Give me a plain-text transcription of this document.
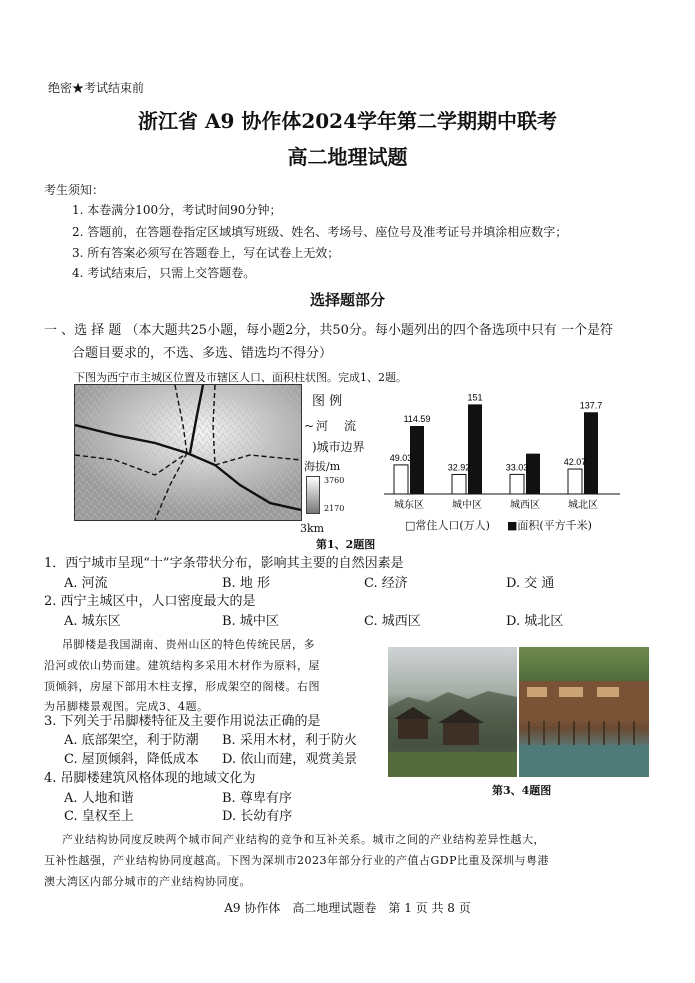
绝密★考试结束前
浙江省 A9 协作体2024学年第二学期期中联考
高二地理试题
考生须知：
1. 本卷满分100分，考试时间90分钟；
2. 答题前，在答题卷指定区域填写班级、姓名、考场号、座位号及准考证号并填涂相应数字；
3. 所有答案必须写在答题卷上，写在试卷上无效；
4. 考试结束后，只需上交答题卷。
选择题部分
一 、选 择 题 （本大题共25小题，每小题2分，共50分。每小题列出的四个备选项中只有 一个是符
合题目要求的，不选、多选、错选均不得分）
下图为西宁市主城区位置及市辖区人口、面积柱状图。完成1、2题。
图 例
~ 河　流
)城市边界
海拔/m
3760
2170
3km
49.03
114.59
城东区
32.92
151
城中区
33.03
城西区
42.07
137.7
城北区
□常住人口(万人) ■面积(平方千米)
第1、2题图
1．西宁城市呈现“十”字条带状分布，影响其主要的自然因素是
A. 河流	B. 地 形	C. 经济	D. 交 通
2. 西宁主城区中，人口密度最大的是
A. 城东区	B. 城中区	C. 城西区	D. 城北区
吊脚楼是我国湖南、贵州山区的特色传统民居，多
沿河或依山势而建。建筑结构多采用木材作为原料，屋
顶倾斜，房屋下部用木柱支撑，形成架空的阁楼。右图
为吊脚楼景观图。完成3、4题。
3. 下列关于吊脚楼特征及主要作用说法正确的是
A. 底部架空，利于防潮 B. 采用木材，利于防火
C. 屋顶倾斜，降低成本 D. 依山而建，观赏美景
4. 吊脚楼建筑风格体现的地域文化为
A. 人地和谐	B. 尊卑有序
C. 皇权至上	D. 长幼有序
第3、4题图
产业结构协同度反映两个城市间产业结构的竞争和互补关系。城市之间的产业结构差异性越大，
互补性越强，产业结构协同度越高。下图为深圳市2023年部分行业的产值占GDP比重及深圳与粤港
澳大湾区内部分城市的产业结构协同度。
A9 协作体　高二地理试题卷　第 1 页 共 8 页
